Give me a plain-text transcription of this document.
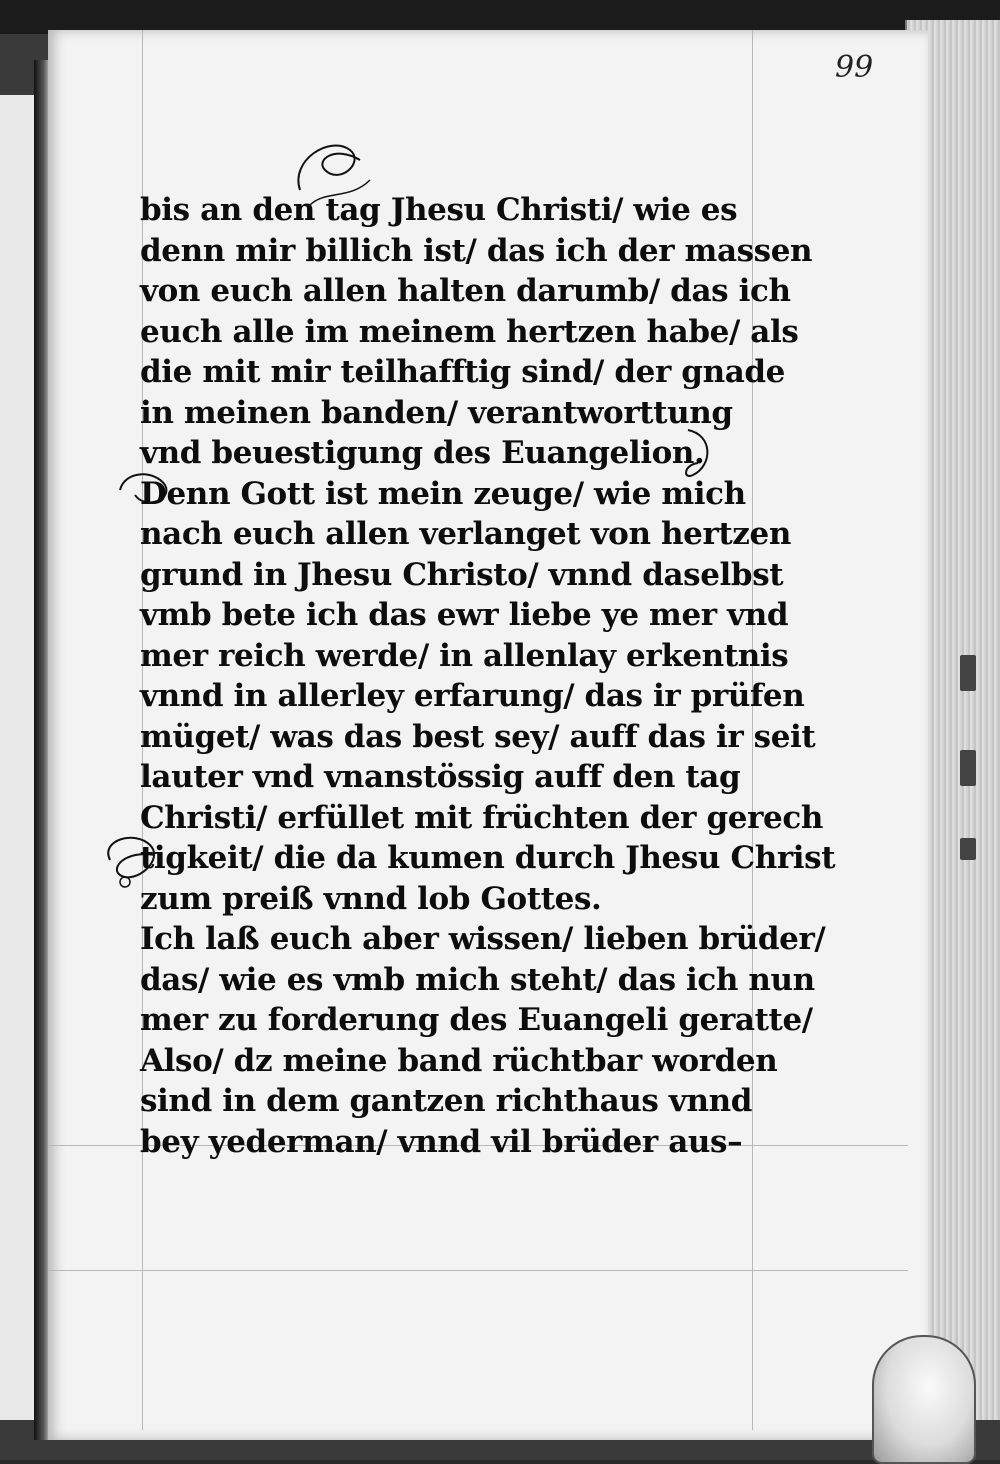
99
bis an den tag Jhesu Christi/ wie es
denn mir billich ist/ das ich der massen
von euch allen halten darumb/ das ich
euch alle im meinem hertzen habe/ als
die mit mir teilhafftig sind/ der gnade
in meinen banden/ verantworttung
vnd beuestigung des Euangelion.
Denn Gott ist mein zeuge/ wie mich
nach euch allen verlanget von hertzen
grund in Jhesu Christo/ vnnd daselbst
vmb bete ich das ewr liebe ye mer vnd
mer reich werde/ in allenlay erkentnis
vnnd in allerley erfarung/ das ir prüfen
müget/ was das best sey/ auff das ir seit
lauter vnd vnanstössig auff den tag
Christi/ erfüllet mit früchten der gerech
tigkeit/ die da kumen durch Jhesu Christ
zum preiß vnnd lob Gottes.
Ich laß euch aber wissen/ lieben brüder/
das/ wie es vmb mich steht/ das ich nun
mer zu forderung des Euangeli geratte/
Also/ dz meine band rüchtbar worden
sind in dem gantzen richthaus vnnd
bey yederman/ vnnd vil brüder aus–
